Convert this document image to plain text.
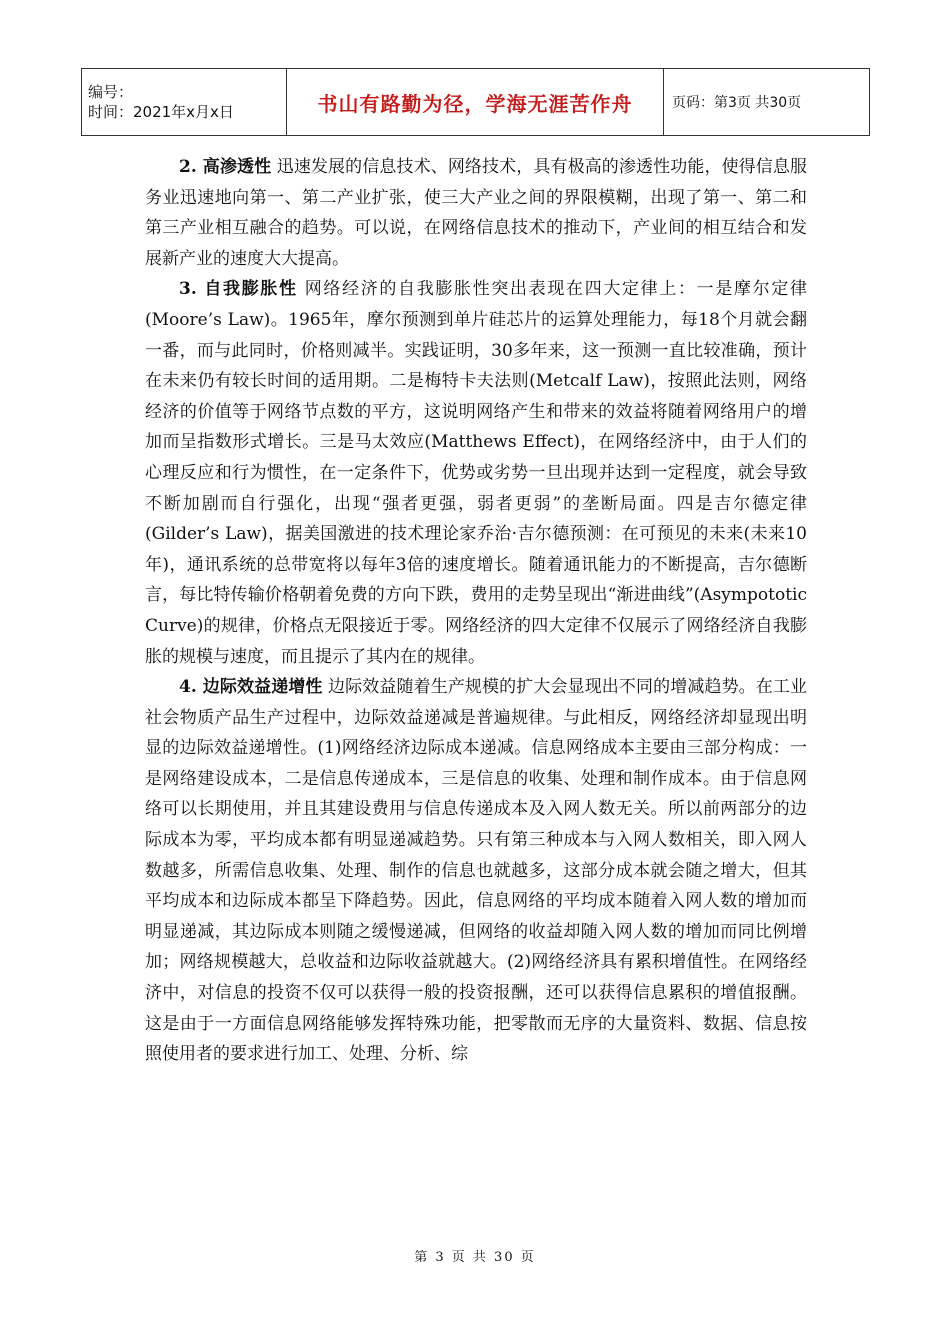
编号：
时间：2021年x月x日	书山有路勤为径，学海无涯苦作舟	页码：第3页 共30页

2. 高渗透性 迅速发展的信息技术、网络技术，具有极高的渗透性功能，使得信息服务业迅速地向第一、第二产业扩张，使三大产业之间的界限模糊，出现了第一、第二和第三产业相互融合的趋势。可以说，在网络信息技术的推动下，产业间的相互结合和发展新产业的速度大大提高。

3. 自我膨胀性 网络经济的自我膨胀性突出表现在四大定律上：一是摩尔定律(Moore’s Law)。1965年，摩尔预测到单片硅芯片的运算处理能力，每18个月就会翻一番，而与此同时，价格则减半。实践证明，30多年来，这一预测一直比较准确，预计在未来仍有较长时间的适用期。二是梅特卡夫法则(Metcalf Law)，按照此法则，网络经济的价值等于网络节点数的平方，这说明网络产生和带来的效益将随着网络用户的增加而呈指数形式增长。三是马太效应(Matthews Effect)，在网络经济中，由于人们的心理反应和行为惯性，在一定条件下，优势或劣势一旦出现并达到一定程度，就会导致不断加剧而自行强化，出现“强者更强，弱者更弱”的垄断局面。四是吉尔德定律(Gilder’s Law)，据美国激进的技术理论家乔治·吉尔德预测：在可预见的未来(未来10年)，通讯系统的总带宽将以每年3倍的速度增长。随着通讯能力的不断提高，吉尔德断言，每比特传输价格朝着免费的方向下跌，费用的走势呈现出“渐进曲线”(Asympototic Curve)的规律，价格点无限接近于零。网络经济的四大定律不仅展示了网络经济自我膨胀的规模与速度，而且提示了其内在的规律。

4. 边际效益递增性 边际效益随着生产规模的扩大会显现出不同的增减趋势。在工业社会物质产品生产过程中，边际效益递减是普遍规律。与此相反，网络经济却显现出明显的边际效益递增性。(1)网络经济边际成本递减。信息网络成本主要由三部分构成：一是网络建设成本，二是信息传递成本，三是信息的收集、处理和制作成本。由于信息网络可以长期使用，并且其建设费用与信息传递成本及入网人数无关。所以前两部分的边际成本为零，平均成本都有明显递减趋势。只有第三种成本与入网人数相关，即入网人数越多，所需信息收集、处理、制作的信息也就越多，这部分成本就会随之增大，但其平均成本和边际成本都呈下降趋势。因此，信息网络的平均成本随着入网人数的增加而明显递减，其边际成本则随之缓慢递减，但网络的收益却随入网人数的增加而同比例增加；网络规模越大，总收益和边际收益就越大。(2)网络经济具有累积增值性。在网络经济中，对信息的投资不仅可以获得一般的投资报酬，还可以获得信息累积的增值报酬。这是由于一方面信息网络能够发挥特殊功能，把零散而无序的大量资料、数据、信息按照使用者的要求进行加工、处理、分析、综

第 3 页 共 30 页
